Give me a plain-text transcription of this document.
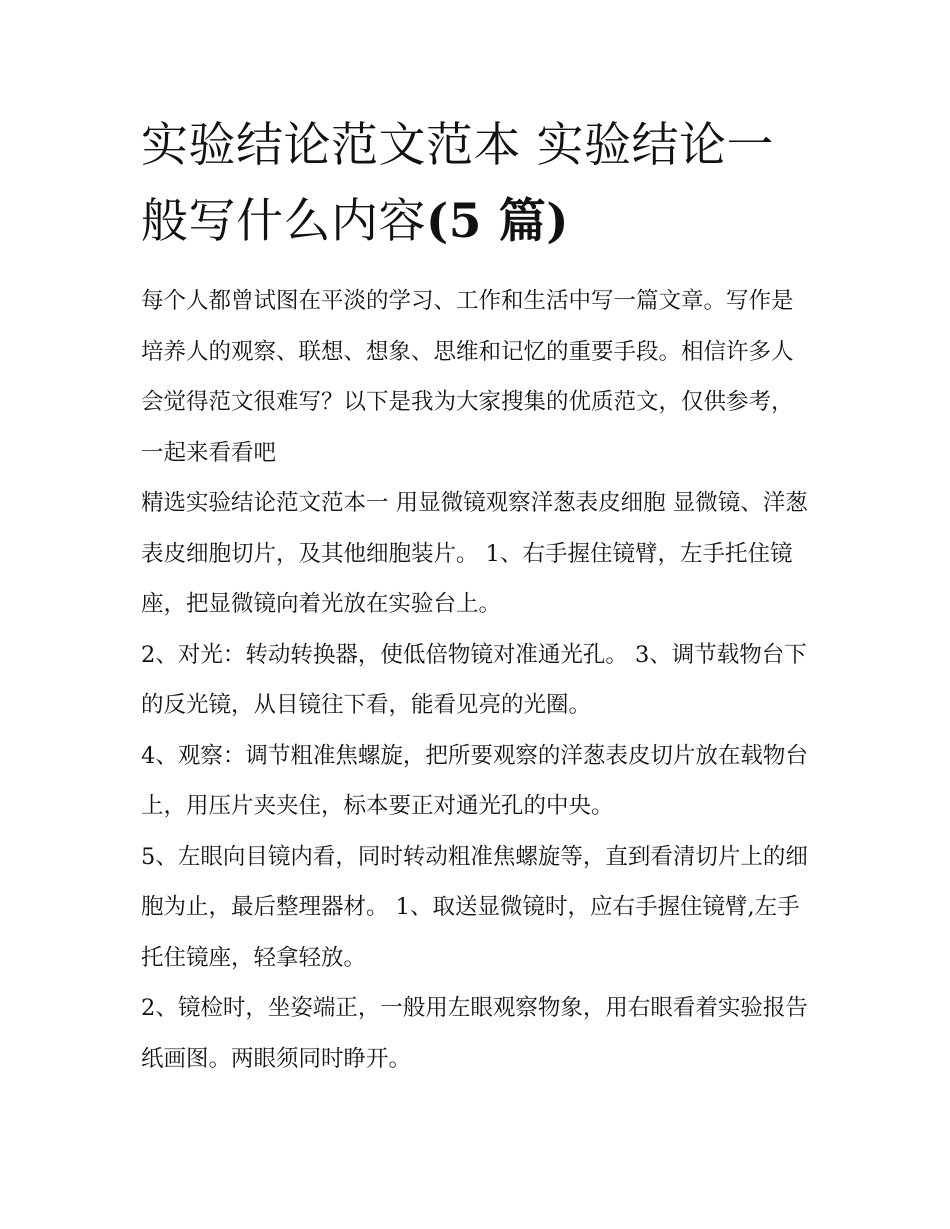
实验结论范文范本 实验结论一般写什么内容(5 篇)

每个人都曾试图在平淡的学习、工作和生活中写一篇文章。写作是培养人的观察、联想、想象、思维和记忆的重要手段。相信许多人会觉得范文很难写？以下是我为大家搜集的优质范文，仅供参考，一起来看看吧

精选实验结论范文范本一 用显微镜观察洋葱表皮细胞 显微镜、洋葱表皮细胞切片，及其他细胞装片。 1、右手握住镜臂，左手托住镜座，把显微镜向着光放在实验台上。

2、对光：转动转换器，使低倍物镜对准通光孔。 3、调节载物台下的反光镜，从目镜往下看，能看见亮的光圈。

4、观察：调节粗准焦螺旋，把所要观察的洋葱表皮切片放在载物台上，用压片夹夹住，标本要正对通光孔的中央。

5、左眼向目镜内看，同时转动粗准焦螺旋等，直到看清切片上的细胞为止，最后整理器材。 1、取送显微镜时，应右手握住镜臂,左手托住镜座，轻拿轻放。

2、镜检时，坐姿端正，一般用左眼观察物象，用右眼看着实验报告纸画图。两眼须同时睁开。
